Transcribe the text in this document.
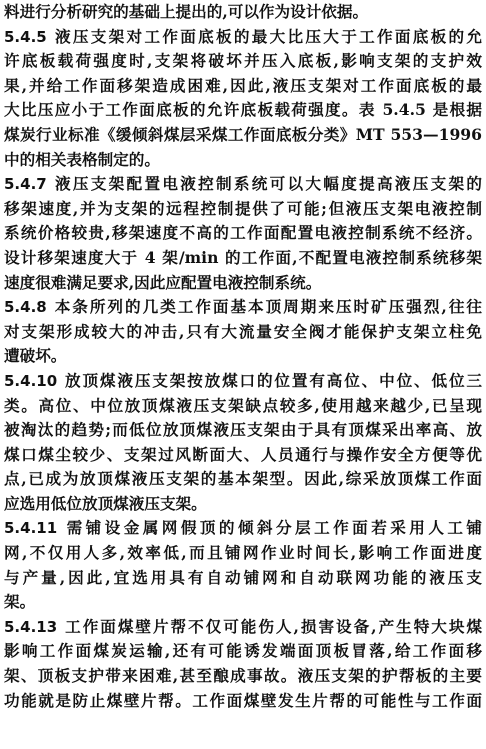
料进行分析研究的基础上提出的,可以作为设计依据。
5.4.5 液压支架对工作面底板的最大比压大于工作面底板的允
许底板载荷强度时,支架将破坏并压入底板,影响支架的支护效
果,并给工作面移架造成困难,因此,液压支架对工作面底板的最
大比压应小于工作面底板的允许底板载荷强度。表 5.4.5 是根据
煤炭行业标准《缓倾斜煤层采煤工作面底板分类》MT 553—1996
中的相关表格制定的。
5.4.7 液压支架配置电液控制系统可以大幅度提高液压支架的
移架速度,并为支架的远程控制提供了可能;但液压支架电液控制
系统价格较贵,移架速度不高的工作面配置电液控制系统不经济。
设计移架速度大于 4 架/min 的工作面,不配置电液控制系统移架
速度很难满足要求,因此应配置电液控制系统。
5.4.8 本条所列的几类工作面基本顶周期来压时矿压强烈,往往
对支架形成较大的冲击,只有大流量安全阀才能保护支架立柱免
遭破坏。
5.4.10 放顶煤液压支架按放煤口的位置有高位、中位、低位三
类。高位、中位放顶煤液压支架缺点较多,使用越来越少,已呈现
被淘汰的趋势;而低位放顶煤液压支架由于具有顶煤采出率高、放
煤口煤尘较少、支架过风断面大、人员通行与操作安全方便等优
点,已成为放顶煤液压支架的基本架型。因此,综采放顶煤工作面
应选用低位放顶煤液压支架。
5.4.11 需铺设金属网假顶的倾斜分层工作面若采用人工铺
网,不仅用人多,效率低,而且铺网作业时间长,影响工作面进度
与产量,因此,宜选用具有自动铺网和自动联网功能的液压支
架。
5.4.13 工作面煤壁片帮不仅可能伤人,损害设备,产生特大块煤
影响工作面煤炭运输,还有可能诱发端面顶板冒落,给工作面移
架、顶板支护带来困难,甚至酿成事故。液压支架的护帮板的主要
功能就是防止煤壁片帮。工作面煤壁发生片帮的可能性与工作面
